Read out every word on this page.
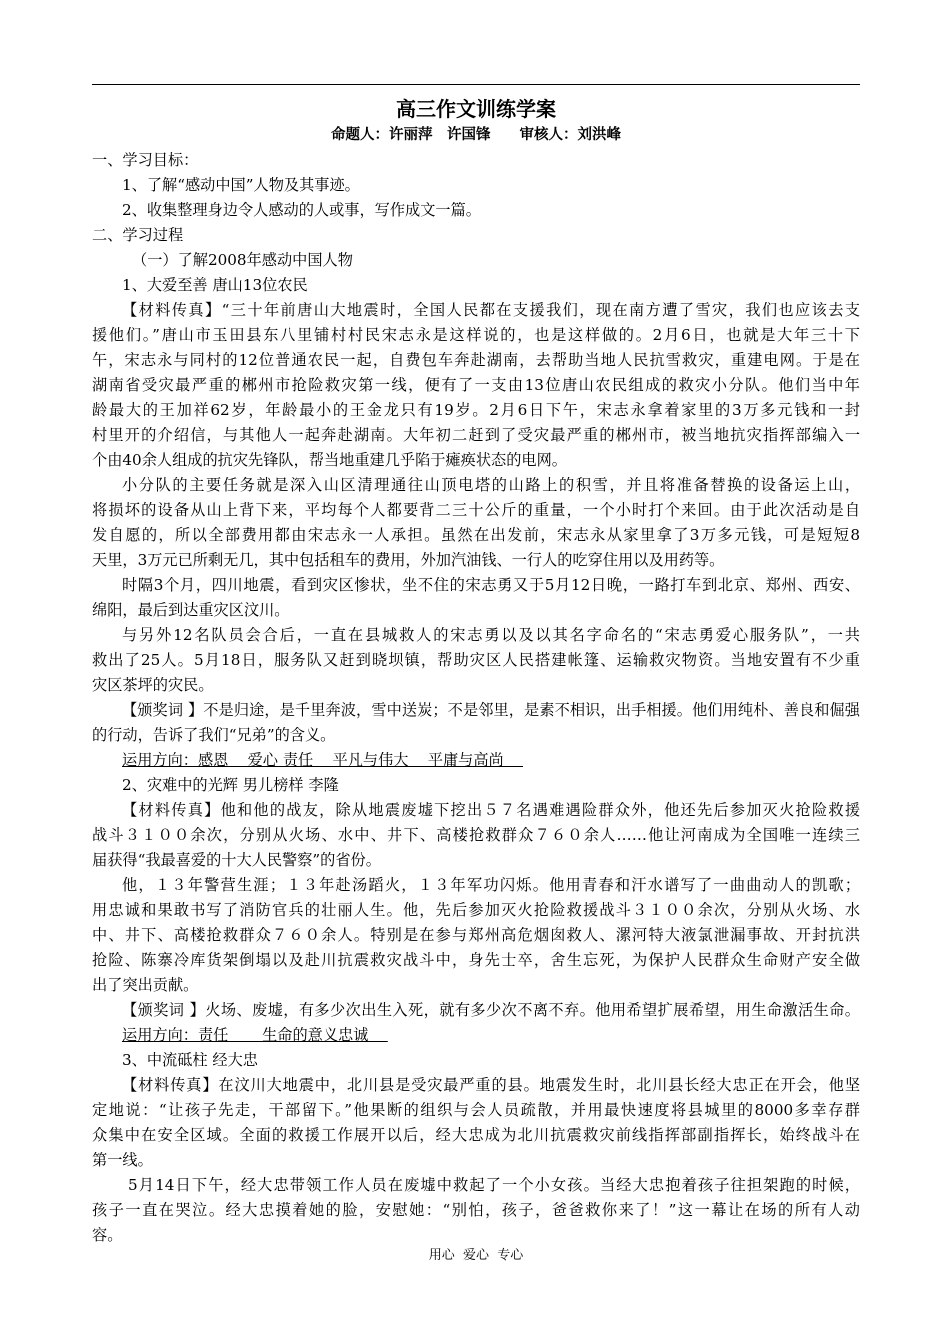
高三作文训练学案
命题人：许丽萍　许国锋　　审核人：刘洪峰
一、学习目标：
1、了解“感动中国”人物及其事迹。
2、收集整理身边令人感动的人或事，写作成文一篇。
二、学习过程
（一）了解2008年感动中国人物
1、大爱至善 唐山13位农民
【材料传真】“三十年前唐山大地震时，全国人民都在支援我们，现在南方遭了雪灾，我们也应该去支
援他们。”唐山市玉田县东八里铺村村民宋志永是这样说的，也是这样做的。2月6日，也就是大年三十下
午，宋志永与同村的12位普通农民一起，自费包车奔赴湖南，去帮助当地人民抗雪救灾，重建电网。于是在
湖南省受灾最严重的郴州市抢险救灾第一线，便有了一支由13位唐山农民组成的救灾小分队。他们当中年
龄最大的王加祥62岁，年龄最小的王金龙只有19岁。2月6日下午，宋志永拿着家里的3万多元钱和一封
村里开的介绍信，与其他人一起奔赴湖南。大年初二赶到了受灾最严重的郴州市，被当地抗灾指挥部编入一
个由40余人组成的抗灾先锋队，帮当地重建几乎陷于瘫痪状态的电网。
小分队的主要任务就是深入山区清理通往山顶电塔的山路上的积雪，并且将准备替换的设备运上山，
将损坏的设备从山上背下来，平均每个人都要背二三十公斤的重量，一个小时打个来回。由于此次活动是自
发自愿的，所以全部费用都由宋志永一人承担。虽然在出发前，宋志永从家里拿了3万多元钱，可是短短8
天里，3万元已所剩无几，其中包括租车的费用，外加汽油钱、一行人的吃穿住用以及用药等。
时隔3个月，四川地震，看到灾区惨状，坐不住的宋志勇又于5月12日晚，一路打车到北京、郑州、西安、
绵阳，最后到达重灾区汶川。
与另外12名队员会合后，一直在县城救人的宋志勇以及以其名字命名的“宋志勇爱心服务队”，一共
救出了25人。5月18日，服务队又赶到晓坝镇，帮助灾区人民搭建帐篷、运输救灾物资。当地安置有不少重
灾区茶坪的灾民。
【颁奖词 】不是归途，是千里奔波，雪中送炭；不是邻里，是素不相识，出手相援。他们用纯朴、善良和倔强
的行动，告诉了我们“兄弟”的含义。
运用方向：感恩    爱心 责任    平凡与伟大    平庸与高尚
2、灾难中的光辉 男儿榜样 李隆
【材料传真】他和他的战友，除从地震废墟下挖出５７名遇难遇险群众外，他还先后参加灭火抢险救援
战斗３１００余次，分别从火场、水中、井下、高楼抢救群众７６０余人……他让河南成为全国唯一连续三
届获得“我最喜爱的十大人民警察”的省份。
他，１３年警营生涯；１３年赴汤蹈火，１３年军功闪烁。他用青春和汗水谱写了一曲曲动人的凯歌；
用忠诚和果敢书写了消防官兵的壮丽人生。他，先后参加灭火抢险救援战斗３１００余次，分别从火场、水
中、井下、高楼抢救群众７６０余人。特别是在参与郑州高危烟囱救人、漯河特大液氯泄漏事故、开封抗洪
抢险、陈寨冷库货架倒塌以及赴川抗震救灾战斗中，身先士卒，舍生忘死，为保护人民群众生命财产安全做
出了突出贡献。
【颁奖词 】火场、废墟，有多少次出生入死，就有多少次不离不弃。他用希望扩展希望，用生命激活生命。
运用方向：责任       生命的意义忠诚
3、中流砥柱 经大忠
【材料传真】在汶川大地震中，北川县是受灾最严重的县。地震发生时，北川县长经大忠正在开会，他坚
定地说：“让孩子先走，干部留下。”他果断的组织与会人员疏散，并用最快速度将县城里的8000多幸存群
众集中在安全区域。全面的救援工作展开以后，经大忠成为北川抗震救灾前线指挥部副指挥长，始终战斗在
第一线。
5月14日下午，经大忠带领工作人员在废墟中救起了一个小女孩。当经大忠抱着孩子往担架跑的时候，
孩子一直在哭泣。经大忠摸着她的脸，安慰她：“别怕，孩子，爸爸救你来了！”这一幕让在场的所有人动
容。
用心  爱心  专心
